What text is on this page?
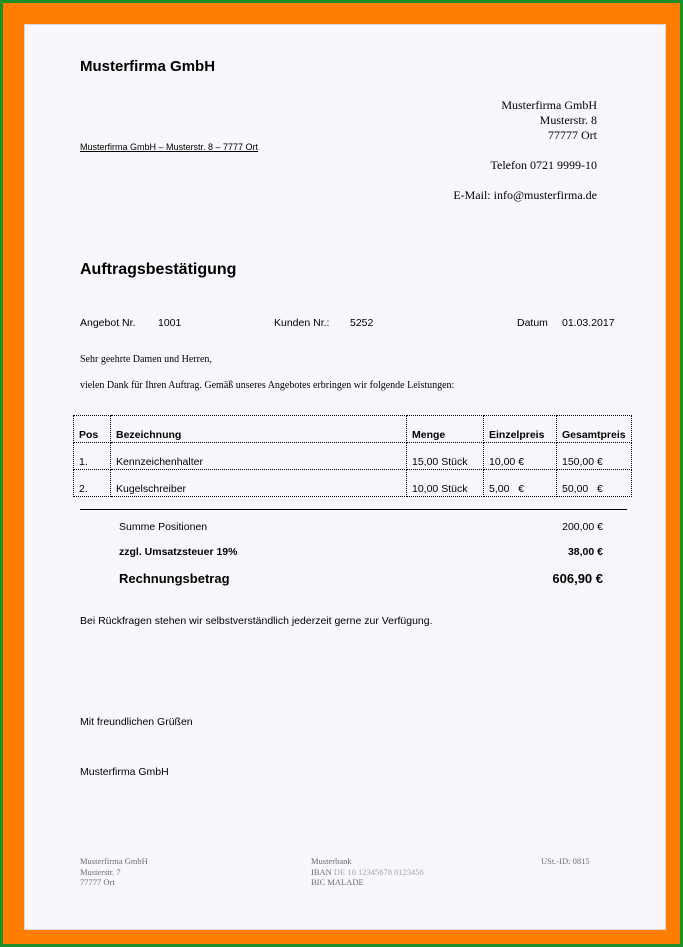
Musterfirma GmbH
Musterfirma GmbH
Musterstr. 8
77777 Ort
Telefon 0721 9999-10
E-Mail: info@musterfirma.de
Musterfirma GmbH – Musterstr. 8 – 7777 Ort
Auftragsbestätigung
Angebot Nr. 1001	Kunden Nr.: 5252	Datum 01.03.2017
Sehr geehrte Damen und Herren,
vielen Dank für Ihren Auftrag. Gemäß unseres Angebotes erbringen wir folgende Leistungen:
Pos	Bezeichnung	Menge	Einzelpreis	Gesamtpreis
1.	Kennzeichenhalter	15,00 Stück	10,00 €	150,00 €
2.	Kugelschreiber	10,00 Stück	5,00   €	50,00   €
Summe Positionen	200,00 €
zzgl. Umsatzsteuer 19%	38,00 €
Rechnungsbetrag	606,90 €
Bei Rückfragen stehen wir selbstverständlich jederzeit gerne zur Verfügung.
Mit freundlichen Grüßen
Musterfirma GmbH
Musterfirma GmbH
Musterstr. 7
77777 Ort
Musterbank
IBAN DE 10 12345678 0123456
BIC MALADE
USt.-ID: 0815
